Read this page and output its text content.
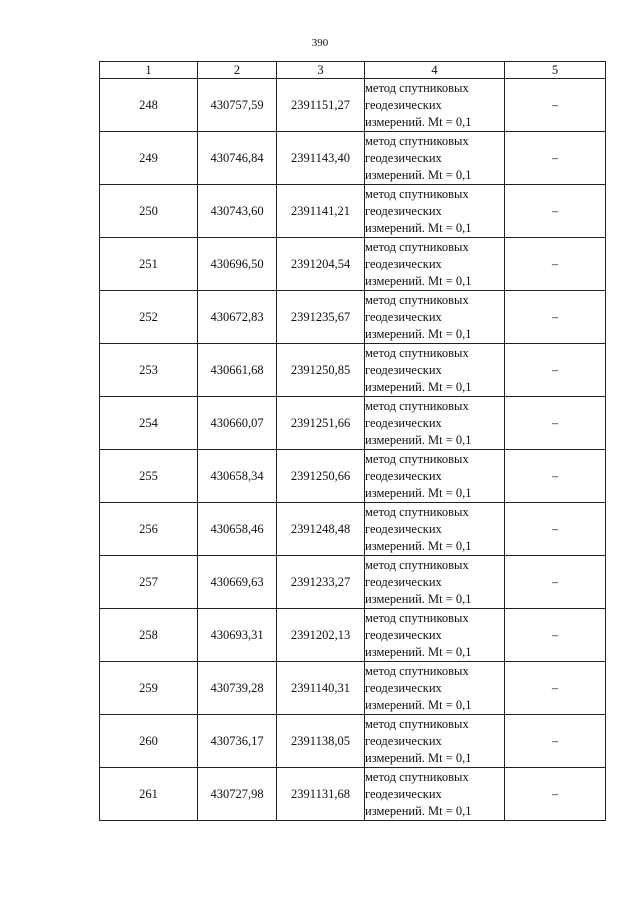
390
1	2	3	4	5
248	430757,59	2391151,27	метод спутниковых
геодезических
измерений. Mt = 0,1	–
249	430746,84	2391143,40	метод спутниковых
геодезических
измерений. Mt = 0,1	–
250	430743,60	2391141,21	метод спутниковых
геодезических
измерений. Mt = 0,1	–
251	430696,50	2391204,54	метод спутниковых
геодезических
измерений. Mt = 0,1	–
252	430672,83	2391235,67	метод спутниковых
геодезических
измерений. Mt = 0,1	–
253	430661,68	2391250,85	метод спутниковых
геодезических
измерений. Mt = 0,1	–
254	430660,07	2391251,66	метод спутниковых
геодезических
измерений. Mt = 0,1	–
255	430658,34	2391250,66	метод спутниковых
геодезических
измерений. Mt = 0,1	–
256	430658,46	2391248,48	метод спутниковых
геодезических
измерений. Mt = 0,1	–
257	430669,63	2391233,27	метод спутниковых
геодезических
измерений. Mt = 0,1	–
258	430693,31	2391202,13	метод спутниковых
геодезических
измерений. Mt = 0,1	–
259	430739,28	2391140,31	метод спутниковых
геодезических
измерений. Mt = 0,1	–
260	430736,17	2391138,05	метод спутниковых
геодезических
измерений. Mt = 0,1	–
261	430727,98	2391131,68	метод спутниковых
геодезических
измерений. Mt = 0,1	–
